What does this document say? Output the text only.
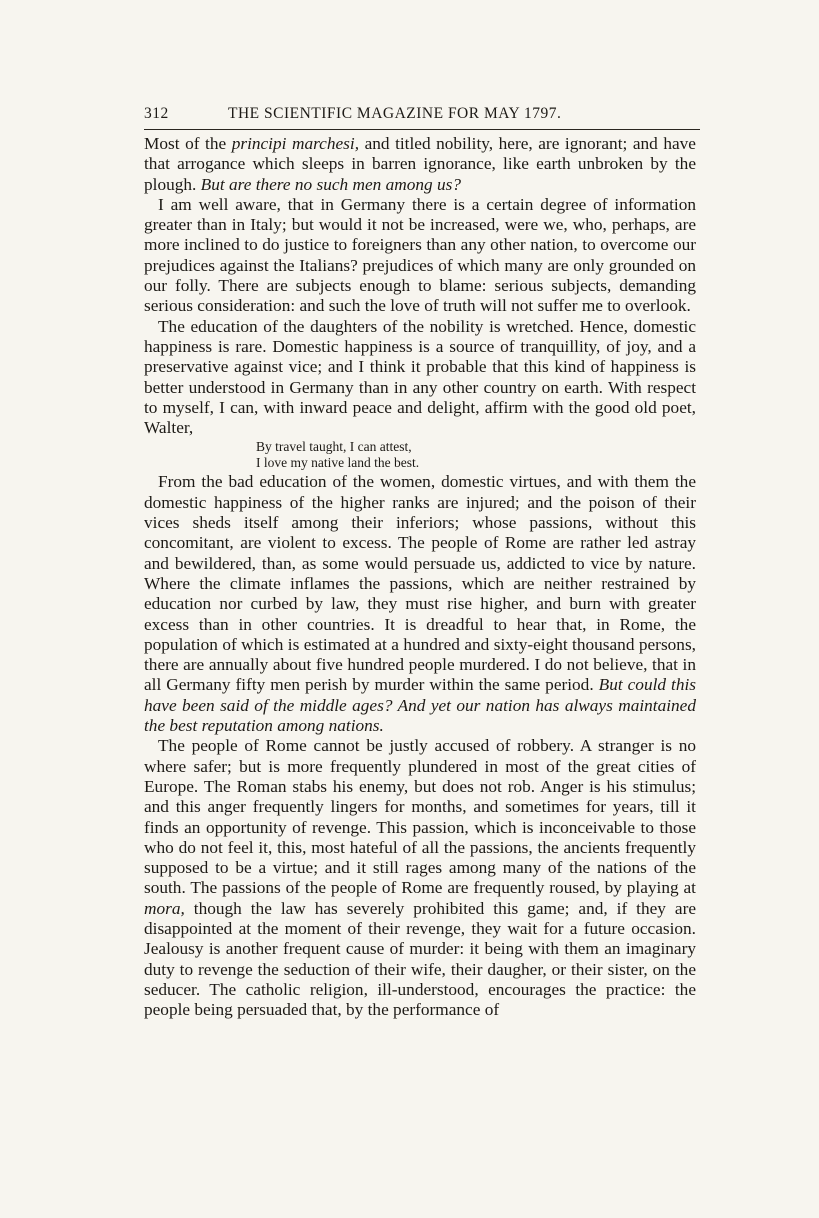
312	THE SCIENTIFIC MAGAZINE FOR MAY 1797.

Most of the principi marchesi, and titled nobility, here, are ignorant; and have that arrogance which sleeps in barren ignorance, like earth unbroken by the plough. But are there no such men among us?

I am well aware, that in Germany there is a certain degree of information greater than in Italy; but would it not be increased, were we, who, perhaps, are more inclined to do justice to foreigners than any other nation, to overcome our prejudices against the Italians? prejudices of which many are only grounded on our folly. There are subjects enough to blame: serious subjects, demanding serious consideration: and such the love of truth will not suffer me to overlook.

The education of the daughters of the nobility is wretched. Hence, domestic happiness is rare. Domestic happiness is a source of tranquillity, of joy, and a preservative against vice; and I think it probable that this kind of happiness is better understood in Germany than in any other country on earth. With respect to myself, I can, with inward peace and delight, affirm with the good old poet, Walter,

By travel taught, I can attest,
I love my native land the best.

From the bad education of the women, domestic virtues, and with them the domestic happiness of the higher ranks are injured; and the poison of their vices sheds itself among their inferiors; whose passions, without this concomitant, are violent to excess. The people of Rome are rather led astray and bewildered, than, as some would persuade us, addicted to vice by nature. Where the climate inflames the passions, which are neither restrained by education nor curbed by law, they must rise higher, and burn with greater excess than in other countries. It is dreadful to hear that, in Rome, the population of which is estimated at a hundred and sixty-eight thousand persons, there are annually about five hundred people murdered. I do not believe, that in all Germany fifty men perish by murder within the same period. But could this have been said of the middle ages? And yet our nation has always maintained the best reputation among nations.

The people of Rome cannot be justly accused of robbery. A stranger is no where safer; but is more frequently plundered in most of the great cities of Europe. The Roman stabs his enemy, but does not rob. Anger is his stimulus; and this anger frequently lingers for months, and sometimes for years, till it finds an opportunity of revenge. This passion, which is inconceivable to those who do not feel it, this, most hateful of all the passions, the ancients frequently supposed to be a virtue; and it still rages among many of the nations of the south. The passions of the people of Rome are frequently roused, by playing at mora, though the law has severely prohibited this game; and, if they are disappointed at the moment of their revenge, they wait for a future occasion. Jealousy is another frequent cause of murder: it being with them an imaginary duty to revenge the seduction of their wife, their daugher, or their sister, on the seducer. The catholic religion, ill-understood, encourages the practice: the people being persuaded that, by the performance of
